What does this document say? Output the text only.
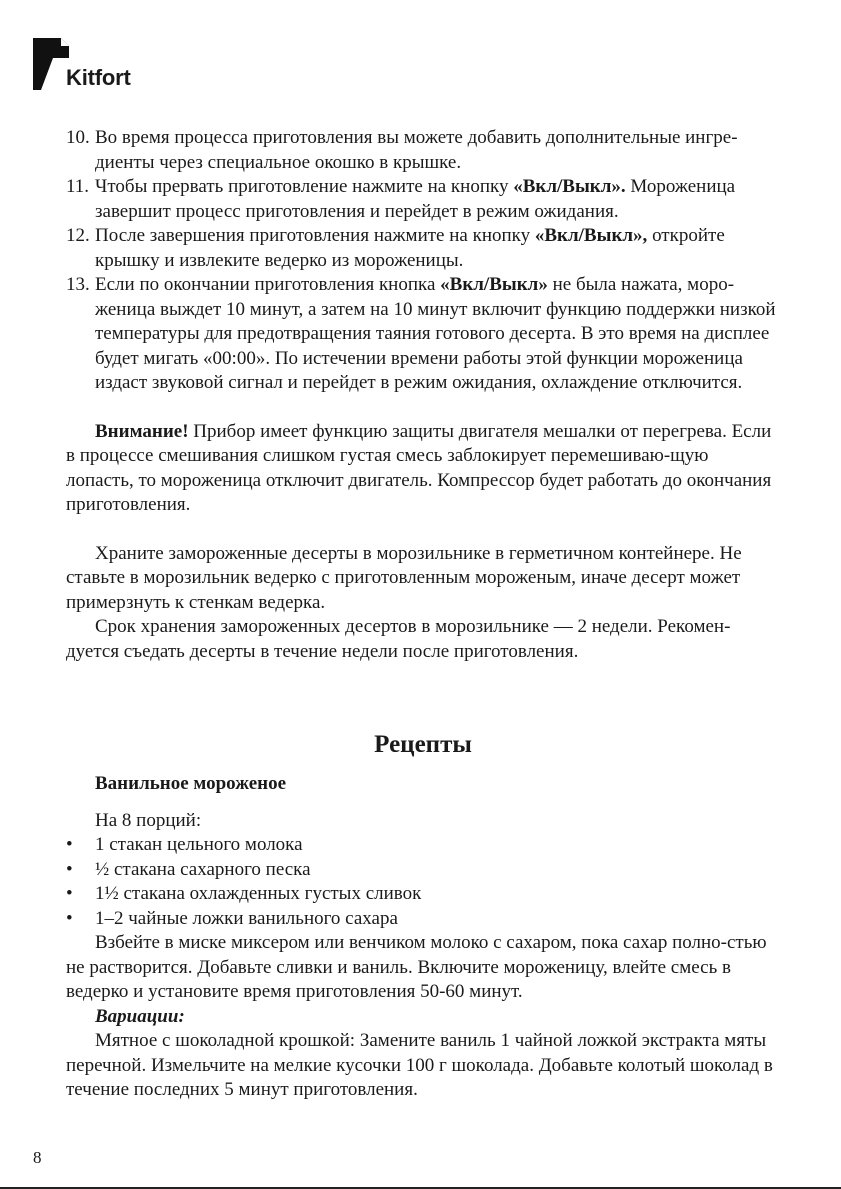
Kitfort
10. Во время процесса приготовления вы можете добавить дополнительные ингре-диенты через специальное окошко в крышке.
11. Чтобы прервать приготовление нажмите на кнопку «Вкл/Выкл». Мороженица завершит процесс приготовления и перейдет в режим ожидания.
12. После завершения приготовления нажмите на кнопку «Вкл/Выкл», откройте крышку и извлеките ведерко из мороженицы.
13. Если по окончании приготовления кнопка «Вкл/Выкл» не была нажата, моро-женица выждет 10 минут, а затем на 10 минут включит функцию поддержки низкой температуры для предотвращения таяния готового десерта. В это время на дисплее будет мигать «00:00». По истечении времени работы этой функции мороженица издаст звуковой сигнал и перейдет в режим ожидания, охлаждение отключится.

Внимание! Прибор имеет функцию защиты двигателя мешалки от перегрева. Если в процессе смешивания слишком густая смесь заблокирует перемешиваю-щую лопасть, то мороженица отключит двигатель. Компрессор будет работать до окончания приготовления.

Храните замороженные десерты в морозильнике в герметичном контейнере. Не ставьте в морозильник ведерко с приготовленным мороженым, иначе десерт может примерзнуть к стенкам ведерка.

Срок хранения замороженных десертов в морозильнике — 2 недели. Рекомен-дуется съедать десерты в течение недели после приготовления.

Рецепты
Ванильное мороженое
На 8 порций:
•	1 стакан цельного молока
•	½ стакана сахарного песка
•	1½ стакана охлажденных густых сливок
•	1–2 чайные ложки ванильного сахара

Взбейте в миске миксером или венчиком молоко с сахаром, пока сахар полно-стью не растворится. Добавьте сливки и ваниль. Включите мороженицу, влейте смесь в ведерко и установите время приготовления 50-60 минут.

Вариации:

Мятное с шоколадной крошкой: Замените ваниль 1 чайной ложкой экстракта мяты перечной. Измельчите на мелкие кусочки 100 г шоколада. Добавьте колотый шоколад в течение последних 5 минут приготовления.

8
